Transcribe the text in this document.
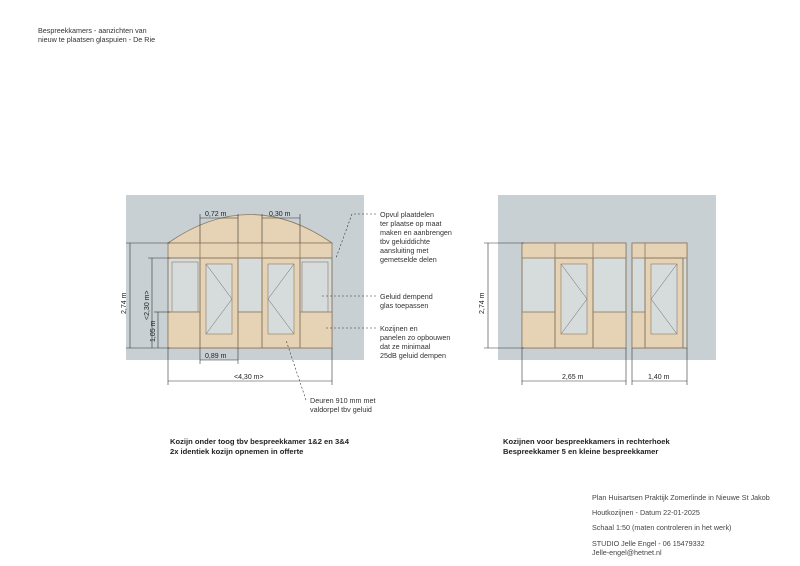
Bespreekkamers - aanzichten van
nieuw te plaatsen glaspuien - De Rie
0,72 m	0,30 m
2,74 m <2,30 m>
1,05 m
0,89 m
<4,30 m>
2,74 m
2,65 m	1,40 m
Opvul plaatdelen
ter plaatse op maat
maken en aanbrengen
tbv geluiddichte
aansluiting met
gemetselde delen
Geluid dempend
glas toepassen
Kozijnen en
panelen zo opbouwen
dat ze minimaal
25dB geluid dempen
Deuren 910 mm met
valdorpel tbv geluid
Kozijn onder toog tbv bespreekkamer 1&2 en 3&4
2x identiek kozijn opnemen in offerte
Kozijnen voor bespreekkamers in rechterhoek
Bespreekkamer 5 en kleine bespreekkamer
Plan Huisartsen Praktijk Zomerlinde in Nieuwe St Jakob
Houtkozijnen - Datum 22-01-2025
Schaal 1:50 (maten controleren in het werk)
STUDIO Jelle Engel - 06 15479332
Jelle-engel@hetnet.nl
